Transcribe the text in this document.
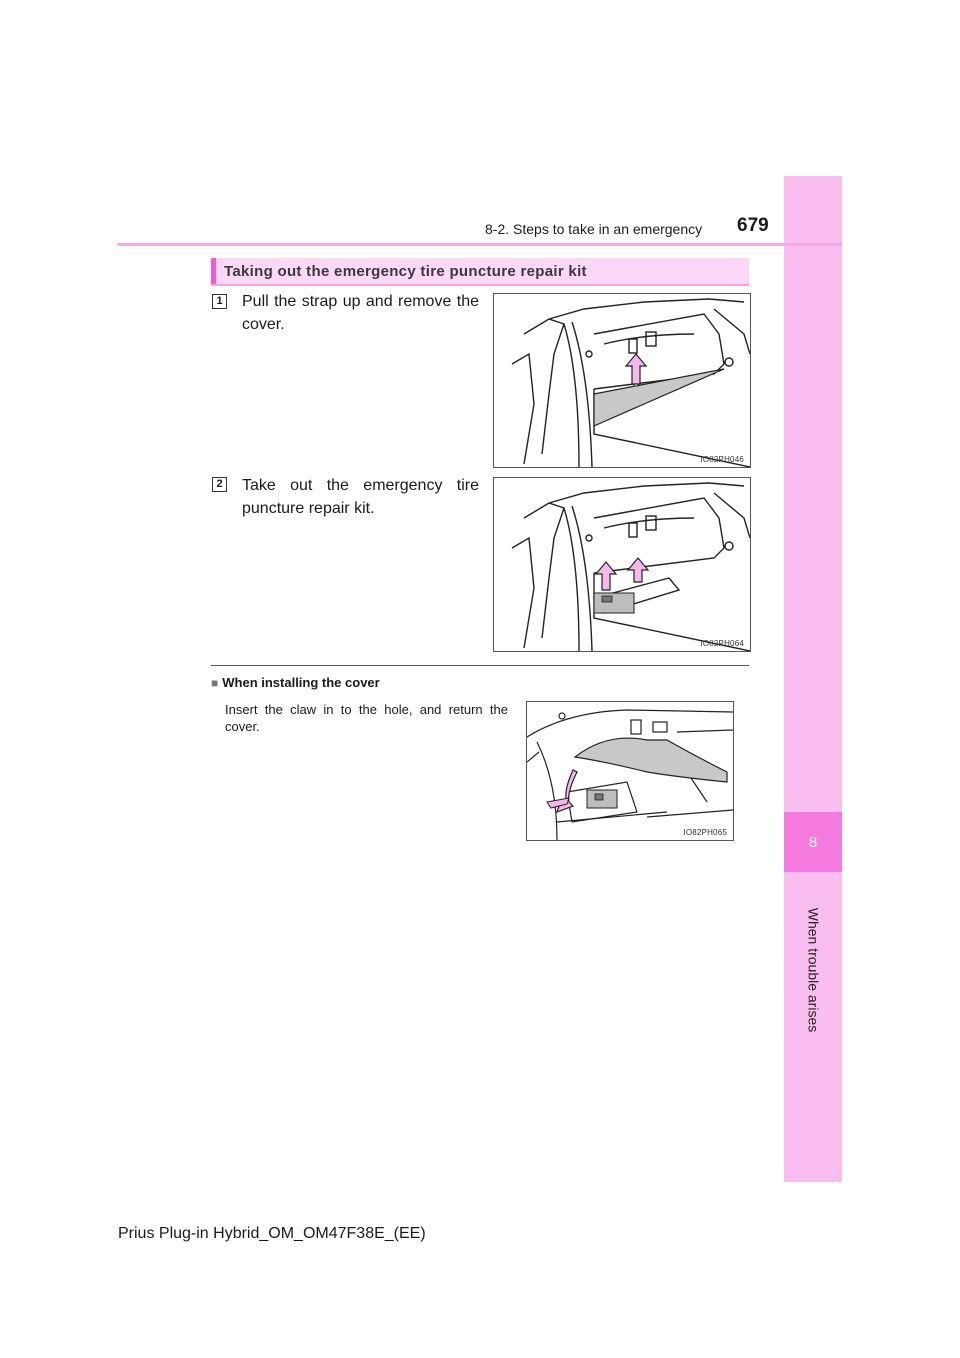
8
When trouble arises
8-2. Steps to take in an emergency 679
Taking out the emergency tire puncture repair kit
1 Pull the strap up and remove the cover.
IO82PH046
2 Take out the emergency tire puncture repair kit.
IO82PH064
■ When installing the cover
Insert the claw in to the hole, and return the cover.
IO82PH065
Prius Plug-in Hybrid_OM_OM47F38E_(EE)
